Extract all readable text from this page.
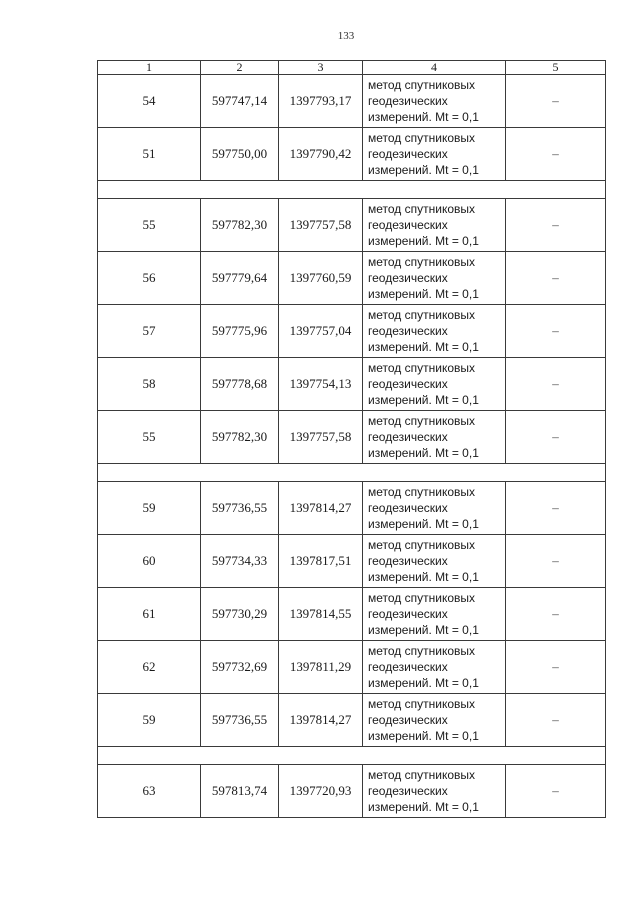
133
1	2	3	4	5
54	597747,14	1397793,17	метод спутниковых
геодезических
измерений. Mt = 0,1	–
51	597750,00	1397790,42	метод спутниковых
геодезических
измерений. Mt = 0,1	–

55	597782,30	1397757,58	метод спутниковых
геодезических
измерений. Mt = 0,1	–
56	597779,64	1397760,59	метод спутниковых
геодезических
измерений. Mt = 0,1	–
57	597775,96	1397757,04	метод спутниковых
геодезических
измерений. Mt = 0,1	–
58	597778,68	1397754,13	метод спутниковых
геодезических
измерений. Mt = 0,1	–
55	597782,30	1397757,58	метод спутниковых
геодезических
измерений. Mt = 0,1	–

59	597736,55	1397814,27	метод спутниковых
геодезических
измерений. Mt = 0,1	–
60	597734,33	1397817,51	метод спутниковых
геодезических
измерений. Mt = 0,1	–
61	597730,29	1397814,55	метод спутниковых
геодезических
измерений. Mt = 0,1	–
62	597732,69	1397811,29	метод спутниковых
геодезических
измерений. Mt = 0,1	–
59	597736,55	1397814,27	метод спутниковых
геодезических
измерений. Mt = 0,1	–

63	597813,74	1397720,93	метод спутниковых
геодезических
измерений. Mt = 0,1	–
